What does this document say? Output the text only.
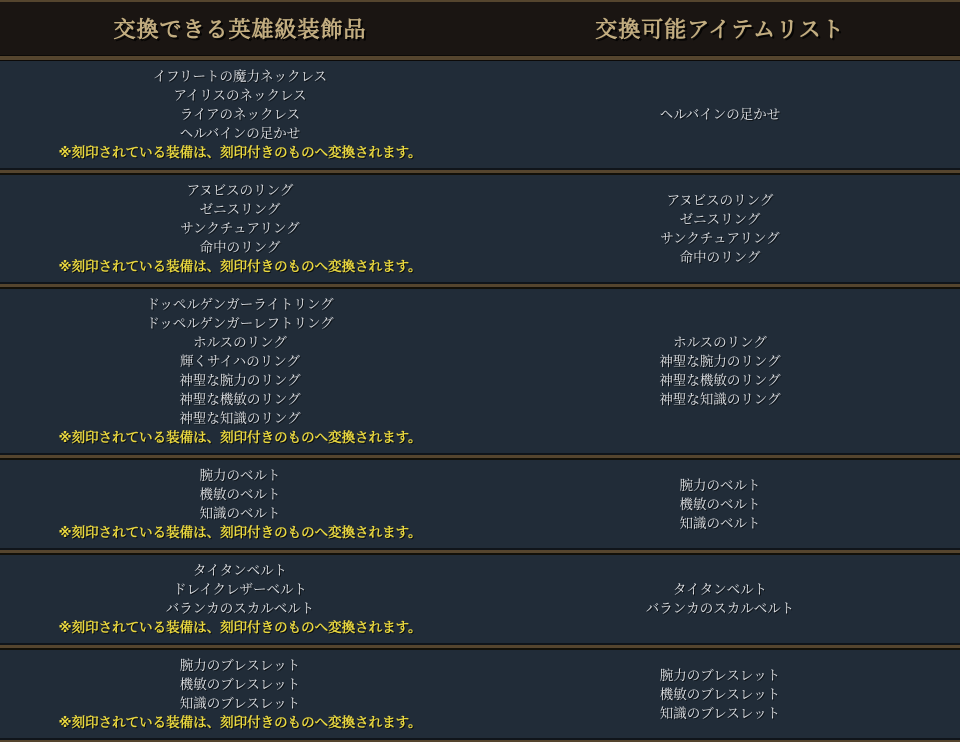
交換できる英雄級装飾品	交換可能アイテムリスト
イフリートの魔力ネックレス
アイリスのネックレス
ライアのネックレス
ヘルバインの足かせ
※刻印されている装備は、刻印付きのものへ変換されます。
ヘルバインの足かせ
アヌビスのリング
ゼニスリング
サンクチュアリング
命中のリング
※刻印されている装備は、刻印付きのものへ変換されます。
アヌビスのリング
ゼニスリング
サンクチュアリング
命中のリング
ドッペルゲンガーライトリング
ドッペルゲンガーレフトリング
ホルスのリング
輝くサイハのリング
神聖な腕力のリング
神聖な機敏のリング
神聖な知識のリング
※刻印されている装備は、刻印付きのものへ変換されます。
ホルスのリング
神聖な腕力のリング
神聖な機敏のリング
神聖な知識のリング
腕力のベルト
機敏のベルト
知識のベルト
※刻印されている装備は、刻印付きのものへ変換されます。
腕力のベルト
機敏のベルト
知識のベルト
タイタンベルト
ドレイクレザーベルト
バランカのスカルベルト
※刻印されている装備は、刻印付きのものへ変換されます。
タイタンベルト
バランカのスカルベルト
腕力のブレスレット
機敏のブレスレット
知識のブレスレット
※刻印されている装備は、刻印付きのものへ変換されます。
腕力のブレスレット
機敏のブレスレット
知識のブレスレット
